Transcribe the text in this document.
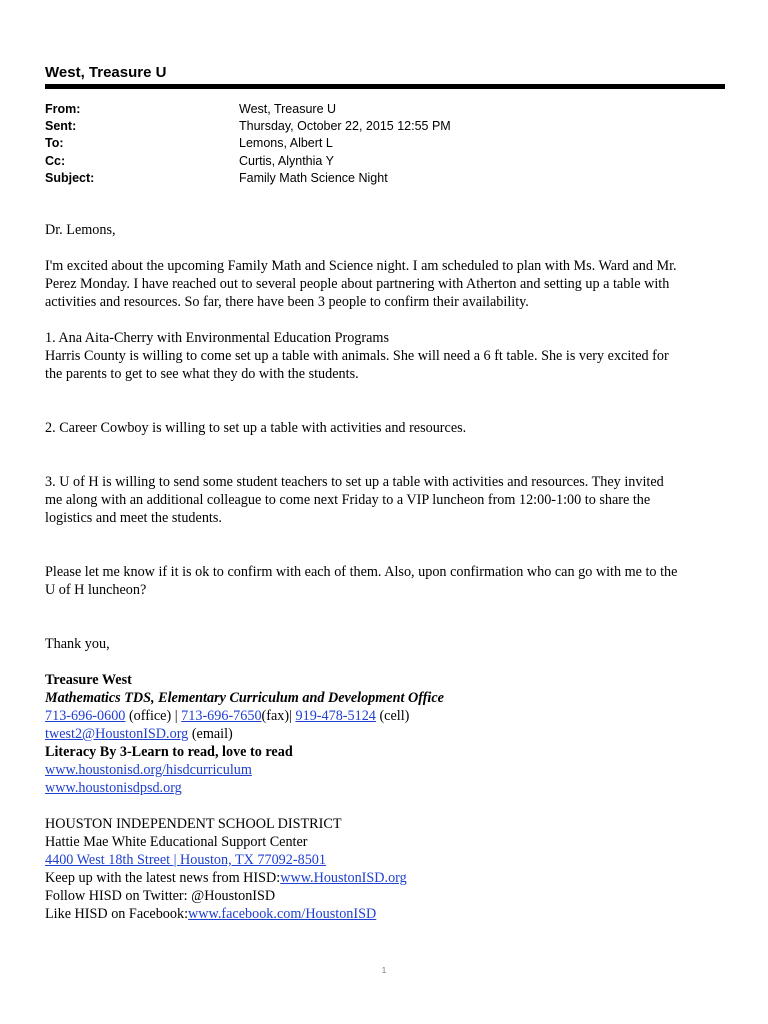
West, Treasure U
From:	West, Treasure U
Sent:	Thursday, October 22, 2015 12:55 PM
To:	Lemons, Albert L
Cc:	Curtis, Alynthia Y
Subject:	Family Math Science Night

Dr. Lemons,

I'm excited about the upcoming Family Math and Science night. I am scheduled to plan with Ms. Ward and Mr.
Perez Monday. I have reached out to several people about partnering with Atherton and setting up a table with
activities and resources. So far, there have been 3 people to confirm their availability.

1. Ana Aita-Cherry with Environmental Education Programs
Harris County is willing to come set up a table with animals. She will need a 6 ft table. She is very excited for
the parents to get to see what they do with the students.

2. Career Cowboy is willing to set up a table with activities and resources.

3. U of H is willing to send some student teachers to set up a table with activities and resources. They invited
me along with an additional colleague to come next Friday to a VIP luncheon from 12:00-1:00 to share the
logistics and meet the students.

Please let me know if it is ok to confirm with each of them. Also, upon confirmation who can go with me to the
U of H luncheon?

Thank you,

Treasure West
Mathematics TDS, Elementary Curriculum and Development Office
713-696-0600 (office) | 713-696-7650(fax)| 919-478-5124 (cell)
twest2@HoustonISD.org (email)
Literacy By 3-Learn to read, love to read
www.houstonisd.org/hisdcurriculum
www.houstonisdpsd.org
HOUSTON INDEPENDENT SCHOOL DISTRICT
Hattie Mae White Educational Support Center
4400 West 18th Street | Houston, TX 77092-8501
Keep up with the latest news from HISD:www.HoustonISD.org
Follow HISD on Twitter: @HoustonISD
Like HISD on Facebook:www.facebook.com/HoustonISD
1
